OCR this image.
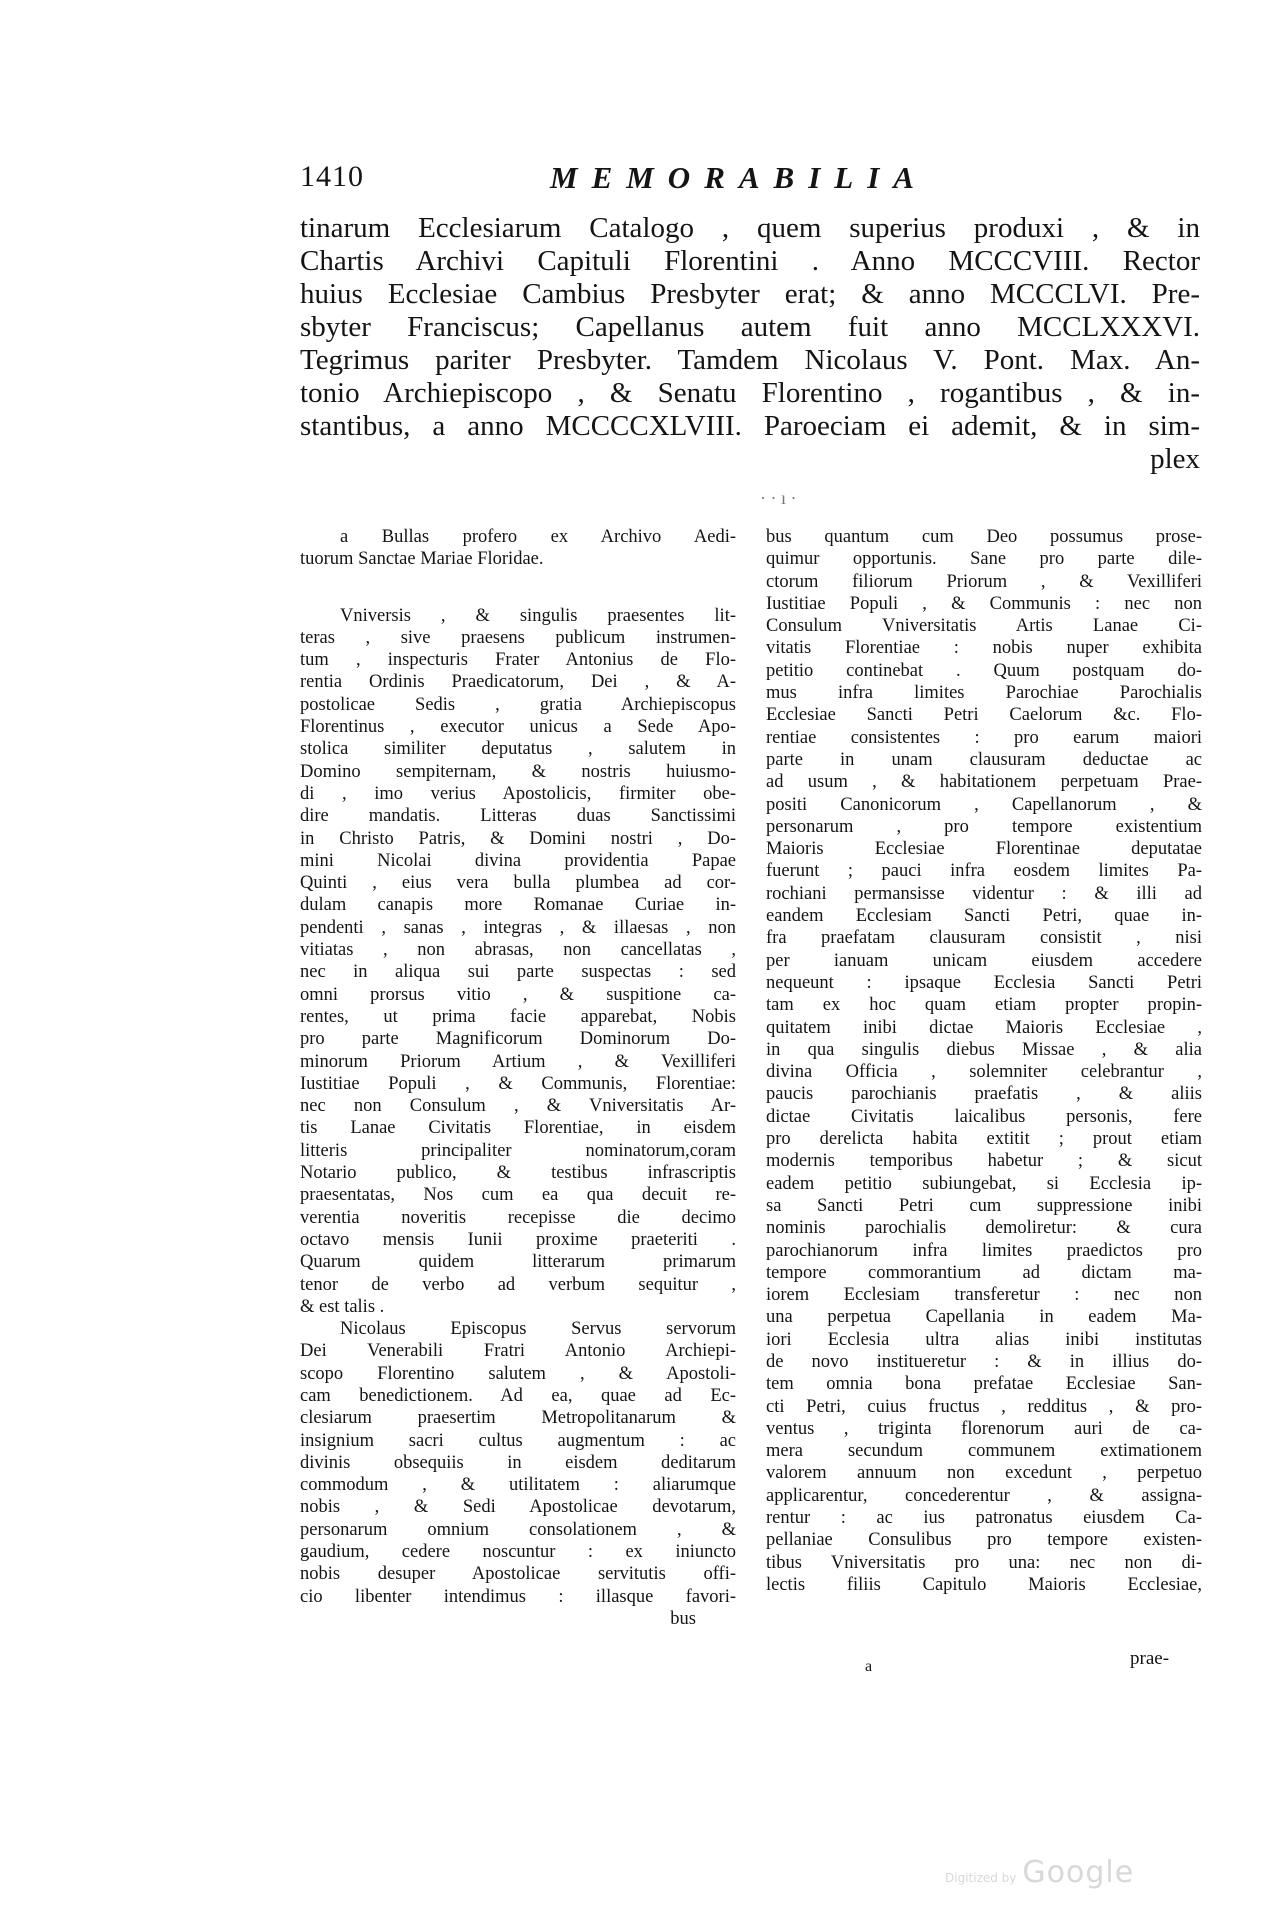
1410	MEMORABILIA
tinarum Ecclesiarum Catalogo , quem superius produxi , & in
Chartis Archivi Capituli Florentini . Anno MCCCVIII. Rector
huius Ecclesiae Cambius Presbyter erat; & anno MCCCLVI. Pre-
sbyter Franciscus; Capellanus autem fuit anno MCCLXXXVI.
Tegrimus pariter Presbyter. Tamdem Nicolaus V. Pont. Max. An-
tonio Archiepiscopo , & Senatu Florentino , rogantibus , & in-
stantibus, a anno MCCCCXLVIII. Paroeciam ei ademit, & in sim-
plex
· · ı ·
a Bullas profero ex Archivo Aedi-
tuorum Sanctae Mariae Floridae.
Vniversis , & singulis praesentes lit-
teras , sive praesens publicum instrumen-
tum , inspecturis Frater Antonius de Flo-
rentia Ordinis Praedicatorum, Dei , & A-
postolicae Sedis , gratia Archiepiscopus
Florentinus , executor unicus a Sede Apo-
stolica similiter deputatus , salutem in
Domino sempiternam, & nostris huiusmo-
di , imo verius Apostolicis, firmiter obe-
dire mandatis. Litteras duas Sanctissimi
in Christo Patris, & Domini nostri , Do-
mini Nicolai divina providentia Papae
Quinti , eius vera bulla plumbea ad cor-
dulam canapis more Romanae Curiae in-
pendenti , sanas , integras , & illaesas , non
vitiatas , non abrasas, non cancellatas ,
nec in aliqua sui parte suspectas : sed
omni prorsus vitio , & suspitione ca-
rentes, ut prima facie apparebat, Nobis
pro parte Magnificorum Dominorum Do-
minorum Priorum Artium , & Vexilliferi
Iustitiae Populi , & Communis, Florentiae:
nec non Consulum , & Vniversitatis Ar-
tis Lanae Civitatis Florentiae, in eisdem
litteris principaliter nominatorum,coram
Notario publico, & testibus infrascriptis
praesentatas, Nos cum ea qua decuit re-
verentia noveritis recepisse die decimo
octavo mensis Iunii proxime praeteriti .
Quarum quidem litterarum primarum
tenor de verbo ad verbum sequitur ,
& est talis .
Nicolaus Episcopus Servus servorum
Dei Venerabili Fratri Antonio Archiepi-
scopo Florentino salutem , & Apostoli-
cam benedictionem. Ad ea, quae ad Ec-
clesiarum praesertim Metropolitanarum &
insignium sacri cultus augmentum : ac
divinis obsequiis in eisdem deditarum
commodum , & utilitatem : aliarumque
nobis , & Sedi Apostolicae devotarum,
personarum omnium consolationem , &
gaudium, cedere noscuntur : ex iniuncto
nobis desuper Apostolicae servitutis offi-
cio libenter intendimus : illasque favori-
bus
bus quantum cum Deo possumus prose-
quimur opportunis. Sane pro parte dile-
ctorum filiorum Priorum , & Vexilliferi
Iustitiae Populi , & Communis : nec non
Consulum Vniversitatis Artis Lanae Ci-
vitatis Florentiae : nobis nuper exhibita
petitio continebat . Quum postquam do-
mus infra limites Parochiae Parochialis
Ecclesiae Sancti Petri Caelorum &c. Flo-
rentiae consistentes : pro earum maiori
parte in unam clausuram deductae ac
ad usum , & habitationem perpetuam Prae-
positi Canonicorum , Capellanorum , &
personarum , pro tempore existentium
Maioris Ecclesiae Florentinae deputatae
fuerunt ; pauci infra eosdem limites Pa-
rochiani permansisse videntur : & illi ad
eandem Ecclesiam Sancti Petri, quae in-
fra praefatam clausuram consistit , nisi
per ianuam unicam eiusdem accedere
nequeunt : ipsaque Ecclesia Sancti Petri
tam ex hoc quam etiam propter propin-
quitatem inibi dictae Maioris Ecclesiae ,
in qua singulis diebus Missae , & alia
divina Officia , solemniter celebrantur ,
paucis parochianis praefatis , & aliis
dictae Civitatis laicalibus personis, fere
pro derelicta habita extitit ; prout etiam
modernis temporibus habetur ; & sicut
eadem petitio subiungebat, si Ecclesia ip-
sa Sancti Petri cum suppressione inibi
nominis parochialis demoliretur: & cura
parochianorum infra limites praedictos pro
tempore commorantium ad dictam ma-
iorem Ecclesiam transferetur : nec non
una perpetua Capellania in eadem Ma-
iori Ecclesia ultra alias inibi institutas
de novo institueretur : & in illius do-
tem omnia bona prefatae Ecclesiae San-
cti Petri, cuius fructus , redditus , & pro-
ventus , triginta florenorum auri de ca-
mera secundum communem extimationem
valorem annuum non excedunt , perpetuo
applicarentur, concederentur , & assigna-
rentur : ac ius patronatus eiusdem Ca-
pellaniae Consulibus pro tempore existen-
tibus Vniversitatis pro una: nec non di-
lectis filiis Capitulo Maioris Ecclesiae,
a	prae-
Digitized by Google
